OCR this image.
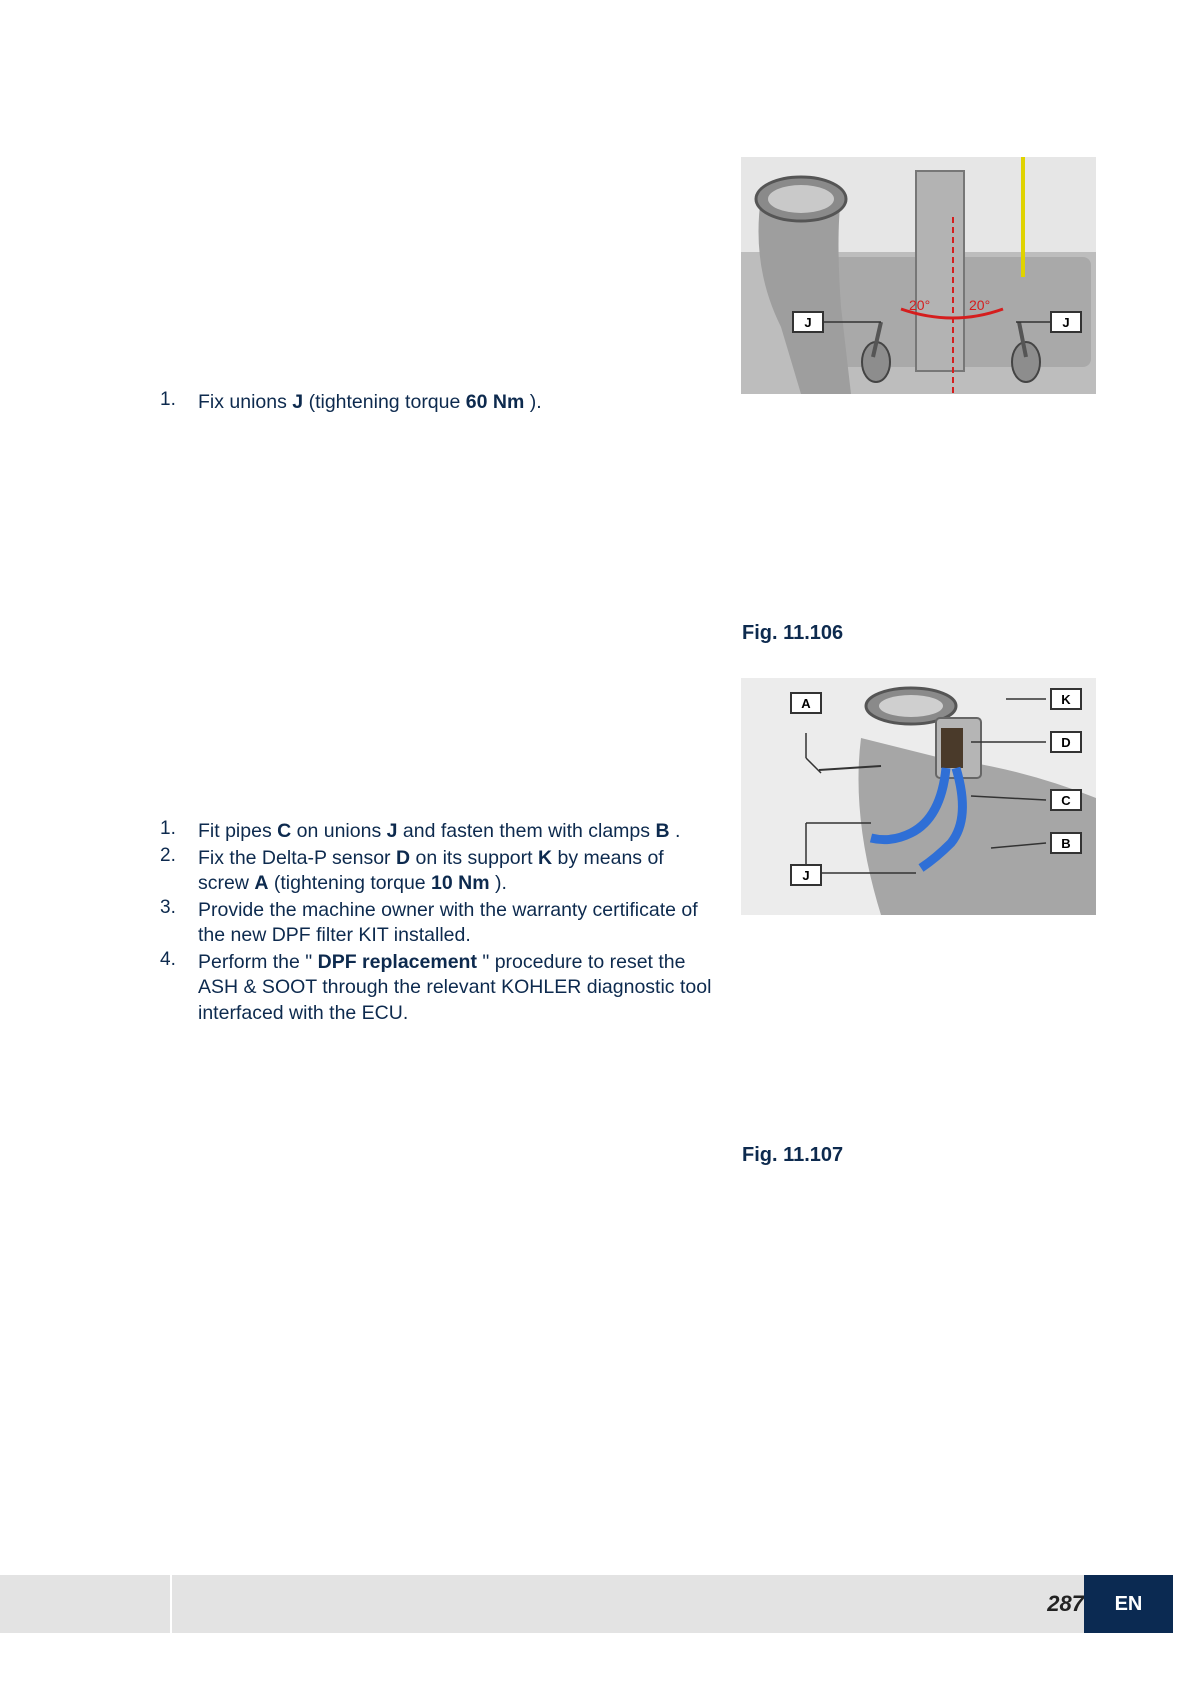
1. Fix unions J (tightening torque 60 Nm ).
20°	20°
J	J
Fig. 11.106
1. Fit pipes C on unions J and fasten them with clamps B .
2. Fix the Delta-P sensor D on its support K by means of screw A (tightening torque 10 Nm ).
3. Provide the machine owner with the warranty certificate of the new DPF filter KIT installed.
4. Perform the " DPF replacement " procedure to reset the ASH & SOOT through the relevant KOHLER diagnostic tool interfaced with the ECU.
A	K
D
C
B
J
Fig. 11.107
287	EN
